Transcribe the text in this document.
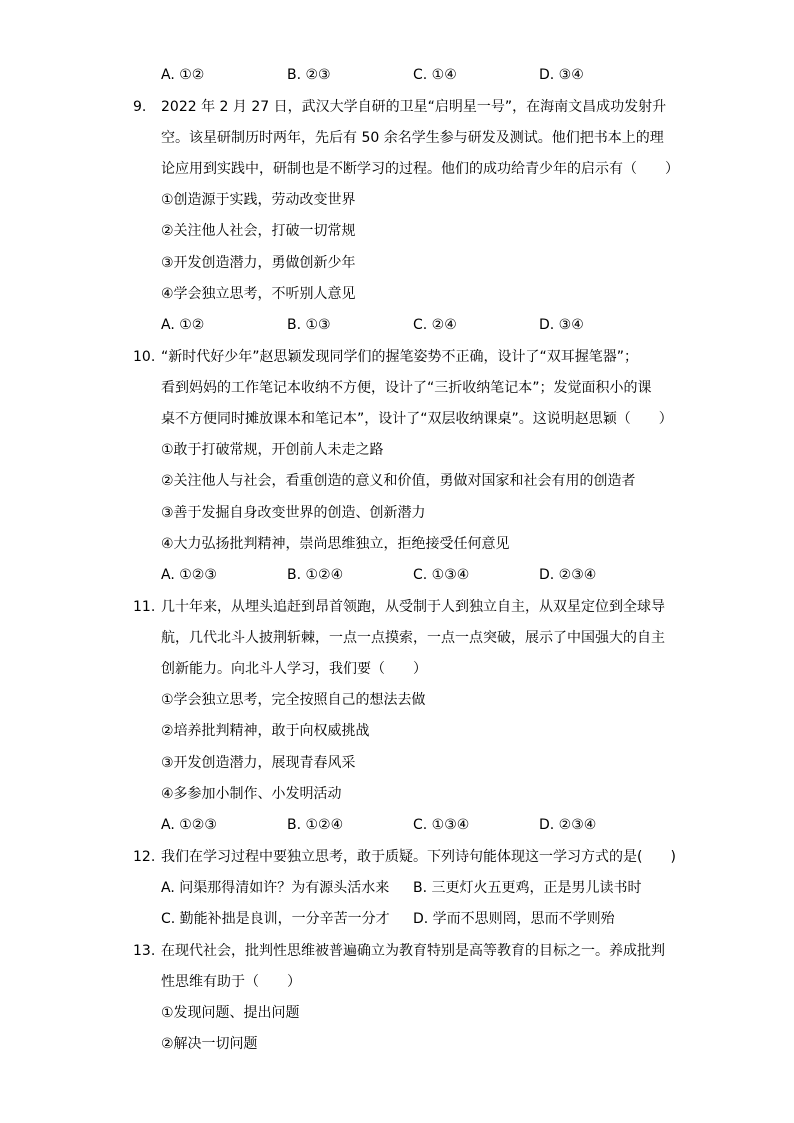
A. ①②	B. ②③	C. ①④	D. ③④
9. 2022 年 2 月 27 日，武汉大学自研的卫星“启明星一号”，在海南文昌成功发射升
空。该星研制历时两年，先后有 50 余名学生参与研发及测试。他们把书本上的理
论应用到实践中，研制也是不断学习的过程。他们的成功给青少年的启示有（　　）
①创造源于实践，劳动改变世界
②关注他人社会，打破一切常规
③开发创造潜力，勇做创新少年
④学会独立思考，不听别人意见
A. ①②	B. ①③	C. ②④	D. ③④
10. “新时代好少年”赵思颖发现同学们的握笔姿势不正确，设计了“双耳握笔器”；
看到妈妈的工作笔记本收纳不方便，设计了“三折收纳笔记本”；发觉面积小的课
桌不方便同时摊放课本和笔记本”，设计了“双层收纳课桌”。这说明赵思颖（　　）
①敢于打破常规，开创前人未走之路
②关注他人与社会，看重创造的意义和价值，勇做对国家和社会有用的创造者
③善于发掘自身改变世界的创造、创新潜力
④大力弘扬批判精神，崇尚思维独立，拒绝接受任何意见
A. ①②③	B. ①②④	C. ①③④	D. ②③④
11. 几十年来，从埋头追赶到昂首领跑，从受制于人到独立自主，从双星定位到全球导
航，几代北斗人披荆斩棘，一点一点摸索，一点一点突破，展示了中国强大的自主
创新能力。向北斗人学习，我们要（　　）
①学会独立思考，完全按照自己的想法去做
②培养批判精神，敢于向权威挑战
③开发创造潜力，展现青春风采
④多参加小制作、小发明活动
A. ①②③	B. ①②④	C. ①③④	D. ②③④
12. 我们在学习过程中要独立思考，敢于质疑。下列诗句能体现这一学习方式的是(　　)
A. 问渠那得清如许？为有源头活水来 B. 三更灯火五更鸡，正是男儿读书时
C. 勤能补拙是良训，一分辛苦一分才 D. 学而不思则罔，思而不学则殆
13. 在现代社会，批判性思维被普遍确立为教育特别是高等教育的目标之一。养成批判
性思维有助于（　　）
①发现问题、提出问题
②解决一切问题
